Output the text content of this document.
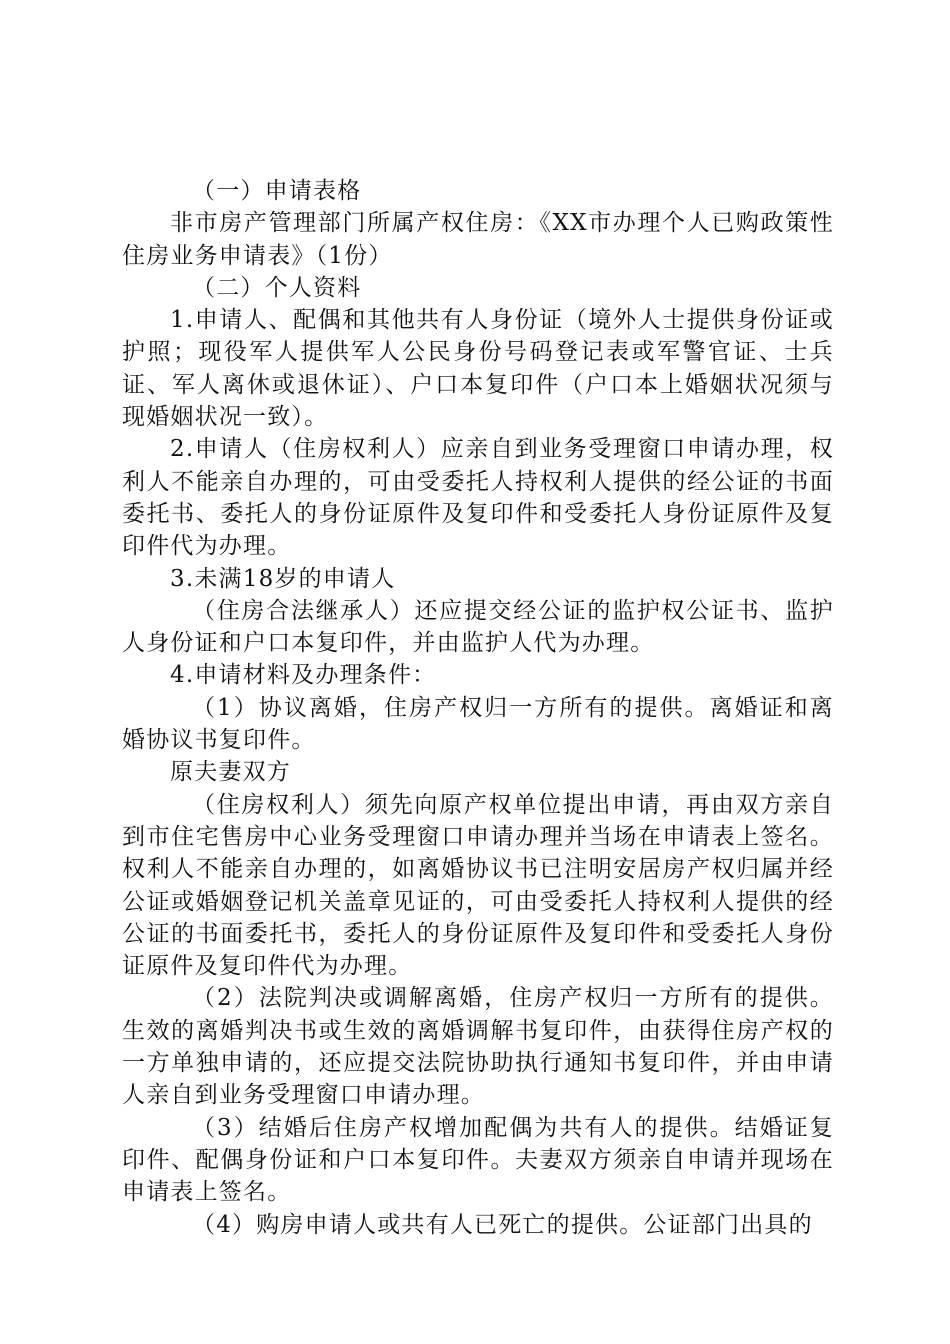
（一）申请表格

非市房产管理部门所属产权住房：《XX市办理个人已购政策性住房业务申请表》（1份）

（二）个人资料

1.申请人、配偶和其他共有人身份证（境外人士提供身份证或护照；现役军人提供军人公民身份号码登记表或军警官证、士兵证、军人离休或退休证）、户口本复印件（户口本上婚姻状况须与现婚姻状况一致）。

2.申请人（住房权利人）应亲自到业务受理窗口申请办理，权利人不能亲自办理的，可由受委托人持权利人提供的经公证的书面委托书、委托人的身份证原件及复印件和受委托人身份证原件及复印件代为办理。

3.未满18岁的申请人

（住房合法继承人）还应提交经公证的监护权公证书、监护人身份证和户口本复印件，并由监护人代为办理。

4.申请材料及办理条件：

（1）协议离婚，住房产权归一方所有的提供。离婚证和离婚协议书复印件。

原夫妻双方

（住房权利人）须先向原产权单位提出申请，再由双方亲自到市住宅售房中心业务受理窗口申请办理并当场在申请表上签名。权利人不能亲自办理的，如离婚协议书已注明安居房产权归属并经公证或婚姻登记机关盖章见证的，可由受委托人持权利人提供的经公证的书面委托书，委托人的身份证原件及复印件和受委托人身份证原件及复印件代为办理。

（2）法院判决或调解离婚，住房产权归一方所有的提供。生效的离婚判决书或生效的离婚调解书复印件，由获得住房产权的一方单独申请的，还应提交法院协助执行通知书复印件，并由申请人亲自到业务受理窗口申请办理。

（3）结婚后住房产权增加配偶为共有人的提供。结婚证复印件、配偶身份证和户口本复印件。夫妻双方须亲自申请并现场在申请表上签名。

（4）购房申请人或共有人已死亡的提供。公证部门出具的
